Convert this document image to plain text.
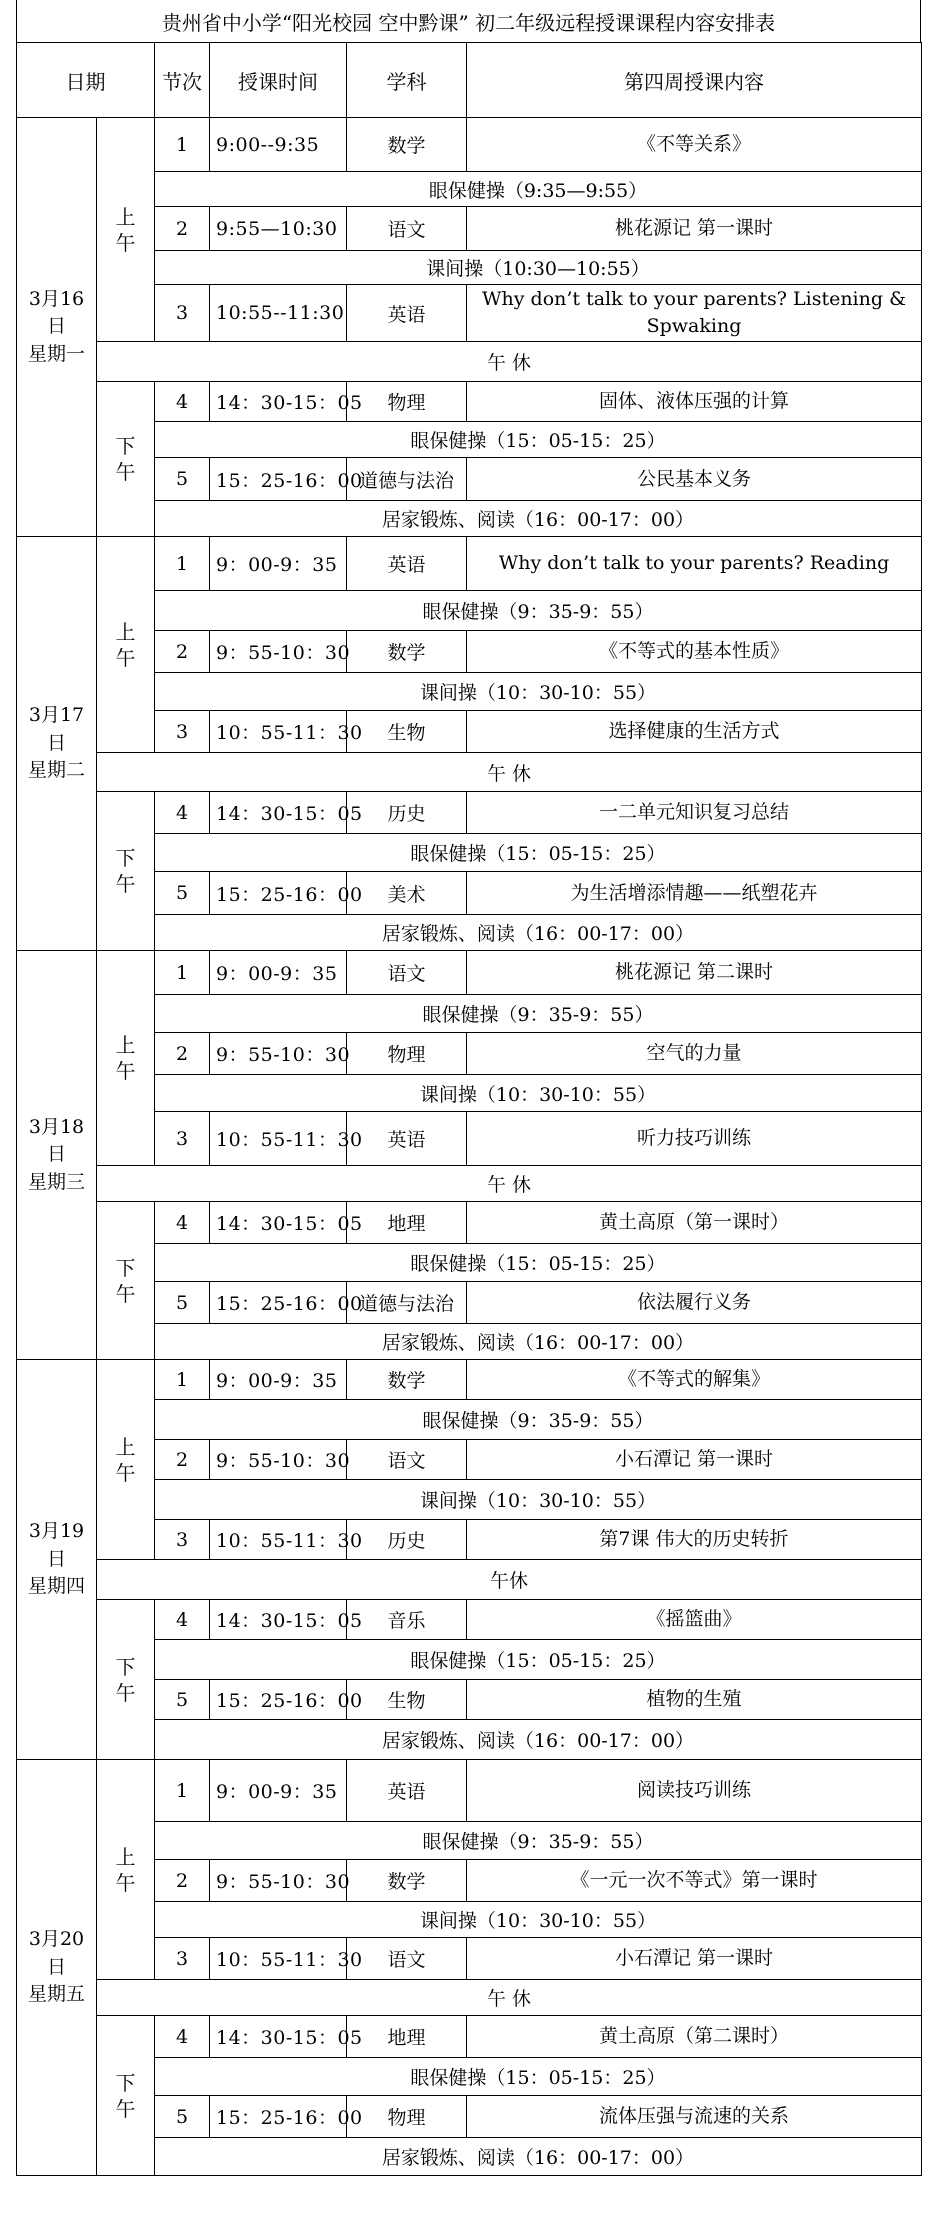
贵州省中小学“阳光校园 空中黔课” 初二年级远程授课课程内容安排表
日期		节次	授课时间	学科	第四周授课内容
3月16日
星期一	上午	1	9:00--9:35	数学	《不等关系》
		眼保健操（9:35—9:55）			
		2	9:55—10:30	语文	桃花源记 第一课时
		课间操（10:30—10:55）			
		3	10:55--11:30	英语	Why don’t talk to your parents? Listening & Spwaking
	午 休				
	下午	4	14：30-15：05	物理	固体、液体压强的计算
		眼保健操（15：05-15：25）			
		5	15：25-16：00	道德与法治	公民基本义务
		居家锻炼、阅读（16：00-17：00）			
3月17日
星期二	上午	1	9：00-9：35	英语	Why don’t talk to your parents? Reading
		眼保健操（9：35-9：55）			
		2	9：55-10：30	数学	《不等式的基本性质》
		课间操（10：30-10：55）			
		3	10：55-11：30	生物	选择健康的生活方式
	午 休				
	下午	4	14：30-15：05	历史	一二单元知识复习总结
		眼保健操（15：05-15：25）			
		5	15：25-16：00	美术	为生活增添情趣——纸塑花卉
		居家锻炼、阅读（16：00-17：00）			
3月18日
星期三	上午	1	9：00-9：35	语文	桃花源记 第二课时
		眼保健操（9：35-9：55）			
		2	9：55-10：30	物理	空气的力量
		课间操（10：30-10：55）			
		3	10：55-11：30	英语	听力技巧训练
	午 休				
	下午	4	14：30-15：05	地理	黄土高原（第一课时）
		眼保健操（15：05-15：25）			
		5	15：25-16：00	道德与法治	依法履行义务
		居家锻炼、阅读（16：00-17：00）			
3月19日
星期四	上午	1	9：00-9：35	数学	《不等式的解集》
		眼保健操（9：35-9：55）			
		2	9：55-10：30	语文	小石潭记 第一课时
		课间操（10：30-10：55）			
		3	10：55-11：30	历史	第7课 伟大的历史转折
	午休				
	下午	4	14：30-15：05	音乐	《摇篮曲》
		眼保健操（15：05-15：25）			
		5	15：25-16：00	生物	植物的生殖
		居家锻炼、阅读（16：00-17：00）			
3月20日
星期五	上午	1	9：00-9：35	英语	阅读技巧训练
		眼保健操（9：35-9：55）			
		2	9：55-10：30	数学	《一元一次不等式》第一课时
		课间操（10：30-10：55）			
		3	10：55-11：30	语文	小石潭记 第一课时
	午 休				
	下午	4	14：30-15：05	地理	黄土高原（第二课时）
		眼保健操（15：05-15：25）			
		5	15：25-16：00	物理	流体压强与流速的关系
		居家锻炼、阅读（16：00-17：00）			
